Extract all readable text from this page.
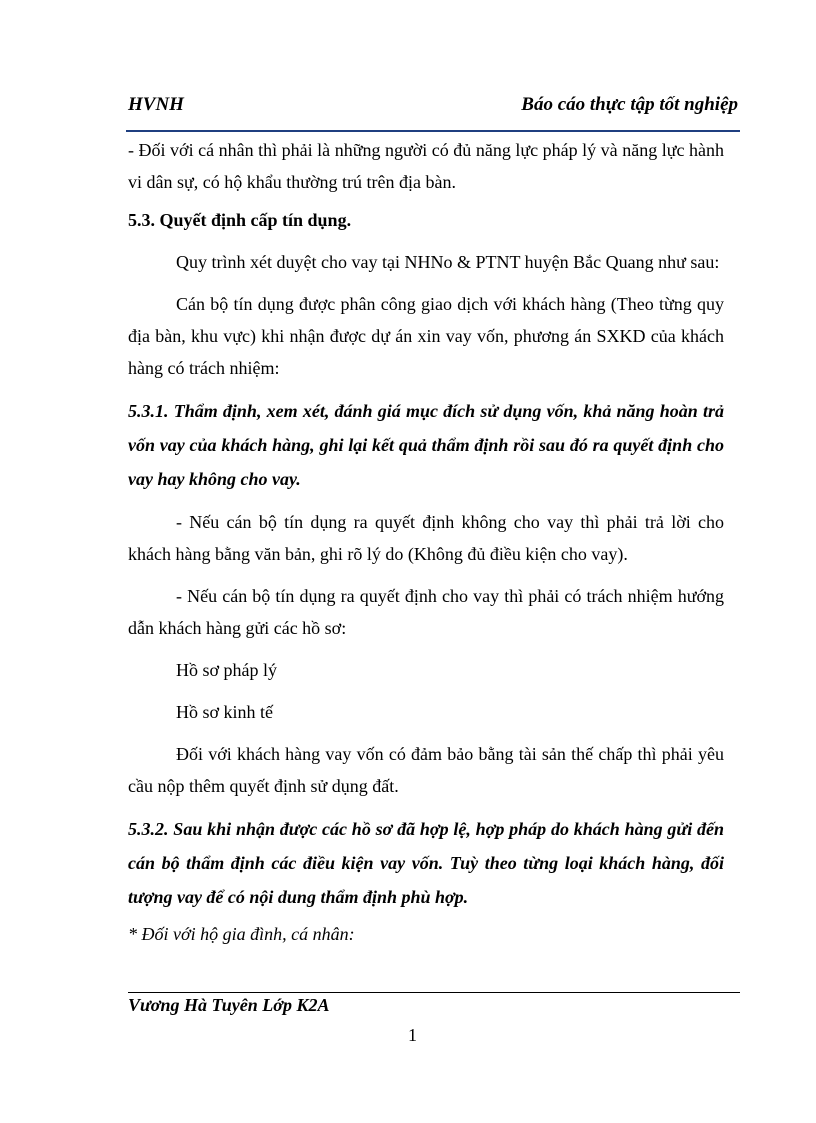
HVNH	Báo cáo thực tập tốt nghiệp

- Đối với cá nhân thì phải là những người có đủ năng lực pháp lý và năng lực hành vi dân sự, có hộ khẩu thường trú trên địa bàn.

5.3. Quyết định cấp tín dụng.

Quy trình xét duyệt cho vay tại NHNo & PTNT huyện Bắc Quang như sau:

Cán bộ tín dụng được phân công giao dịch với khách hàng (Theo từng quy địa bàn, khu vực) khi nhận được dự án xin vay vốn, phương án SXKD của khách hàng có trách nhiệm:

5.3.1. Thẩm định, xem xét, đánh giá mục đích sử dụng vốn, khả năng hoàn trả vốn vay của khách hàng, ghi lại kết quả thẩm định rồi sau đó ra quyết định cho vay hay không cho vay.

- Nếu cán bộ tín dụng ra quyết định không cho vay thì phải trả lời cho khách hàng bằng văn bản, ghi rõ lý do (Không đủ điều kiện cho vay).

- Nếu cán bộ tín dụng ra quyết định cho vay thì phải có trách nhiệm hướng dẫn khách hàng gửi các hồ sơ:

Hồ sơ pháp lý

Hồ sơ kinh tế

Đối với khách hàng vay vốn có đảm bảo bằng tài sản thế chấp thì phải yêu cầu nộp thêm quyết định sử dụng đất.

5.3.2. Sau khi nhận được các hồ sơ đã hợp lệ, hợp pháp do khách hàng gửi đến cán bộ thẩm định các điều kiện vay vốn. Tuỳ theo từng loại khách hàng, đối tượng vay để có nội dung thẩm định phù hợp.

* Đối với hộ gia đình, cá nhân:

Vương Hà Tuyên Lớp K2A
1
